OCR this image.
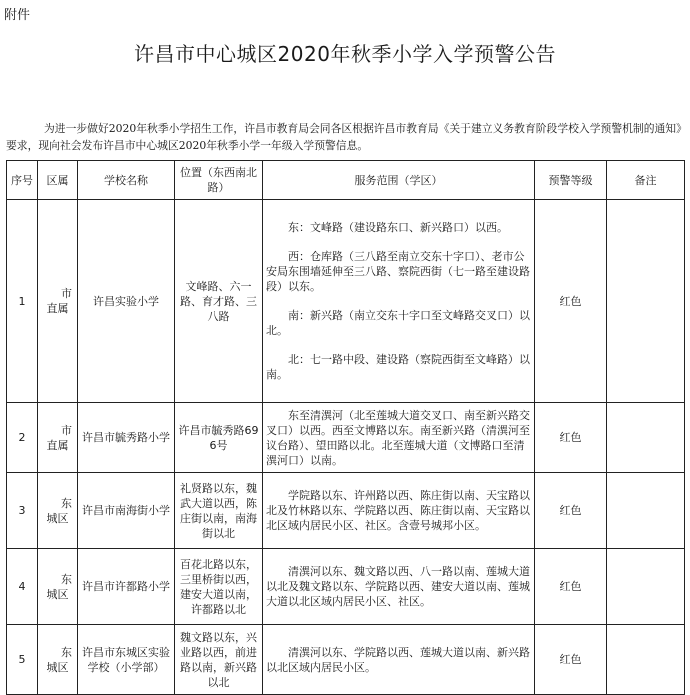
附件
许昌市中心城区2020年秋季小学入学预警公告
为进一步做好2020年秋季小学招生工作，许昌市教育局会同各区根据许昌市教育局《关于建立义务教育阶段学校入学预警机制的通知》要求，现向社会发布许昌市中心城区2020年秋季小学一年级入学预警信息。
序号	区属	学校名称	位置（东西南北路）	服务范围（学区）	预警等级	备注
1	市直属	许昌实验小学	文峰路、六一路、育才路、三八路	东：文峰路（建设路东口、新兴路口）以西。

西：仓库路（三八路至南立交东十字口）、老市公安局东围墙延伸至三八路、察院西街（七一路至建设路段）以东。

南：新兴路（南立交东十字口至文峰路交叉口）以北。

北：七一路中段、建设路（察院西街至文峰路）以南。	红色	
2	市直属	许昌市毓秀路小学	许昌市毓秀路696号	东至清潩河（北至莲城大道交叉口、南至新兴路交叉口）以西。西至文博路以东。南至新兴路（清潩河至议台路）、望田路以北。北至莲城大道（文博路口至清潩河口）以南。	红色	
3	东城区	许昌市南海街小学	礼贤路以东，魏武大道以西，陈庄街以南，南海街以北	学院路以东、许州路以西、陈庄街以南、天宝路以北及竹林路以东、学院路以西、陈庄街以南、天宝路以北区域内居民小区、社区。含壹号城邦小区。	红色	
4	东城区	许昌市许都路小学	百花北路以东，三里桥街以西，建安大道以南，许都路以北	清潩河以东、魏文路以西、八一路以南、莲城大道以北及魏文路以东、学院路以西、建安大道以南、莲城大道以北区域内居民小区、社区。	红色	
5	东城区	许昌市东城区实验学校（小学部）	魏文路以东，兴业路以西，前进路以南，新兴路以北	清潩河以东、学院路以西、莲城大道以南、新兴路以北区域内居民小区。	红色	
